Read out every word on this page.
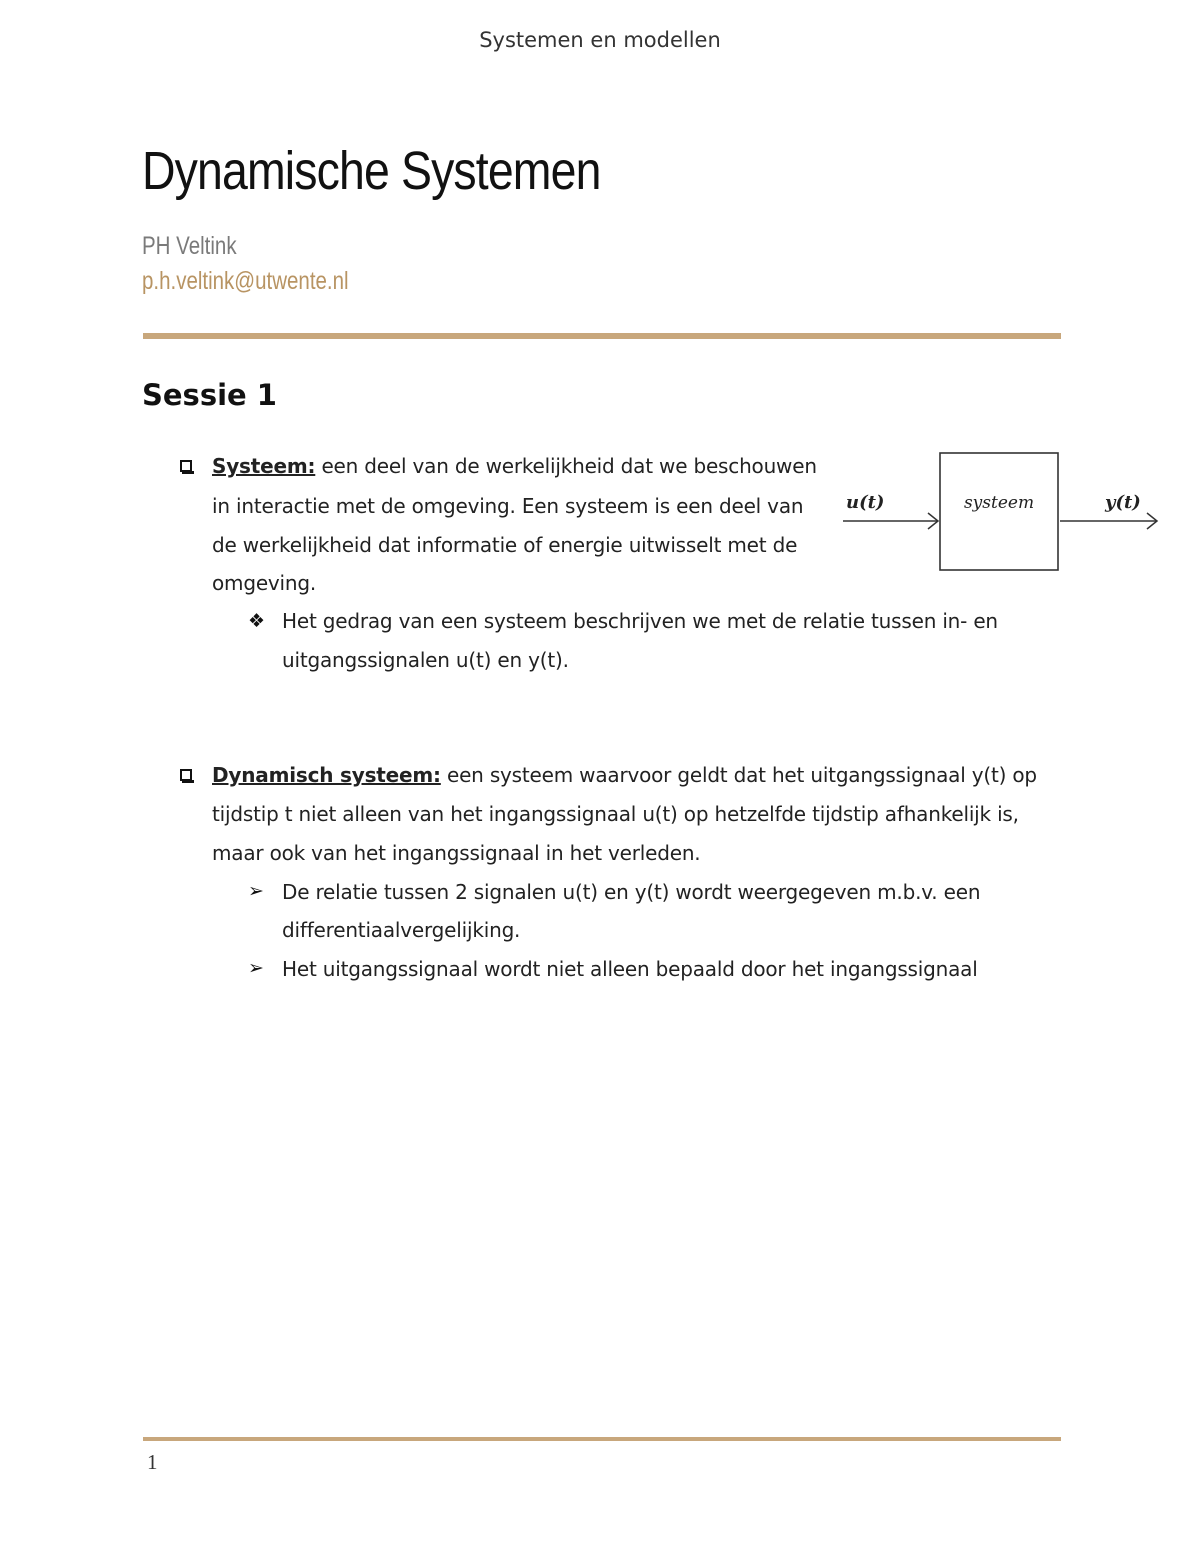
Systemen en modellen
Dynamische Systemen
PH Veltink
p.h.veltink@utwente.nl
Sessie 1
Systeem: een deel van de werkelijkheid dat we beschouwen
in interactie met de omgeving. Een systeem is een deel van
de werkelijkheid dat informatie of energie uitwisselt met de
omgeving.
❖ Het gedrag van een systeem beschrijven we met de relatie tussen in- en
uitgangssignalen u(t) en y(t).
u(t)	systeem	y(t)
Dynamisch systeem: een systeem waarvoor geldt dat het uitgangssignaal y(t) op
tijdstip t niet alleen van het ingangssignaal u(t) op hetzelfde tijdstip afhankelijk is,
maar ook van het ingangssignaal in het verleden.
➢ De relatie tussen 2 signalen u(t) en y(t) wordt weergegeven m.b.v. een
differentiaalvergelijking.
➢ Het uitgangssignaal wordt niet alleen bepaald door het ingangssignaal
1
